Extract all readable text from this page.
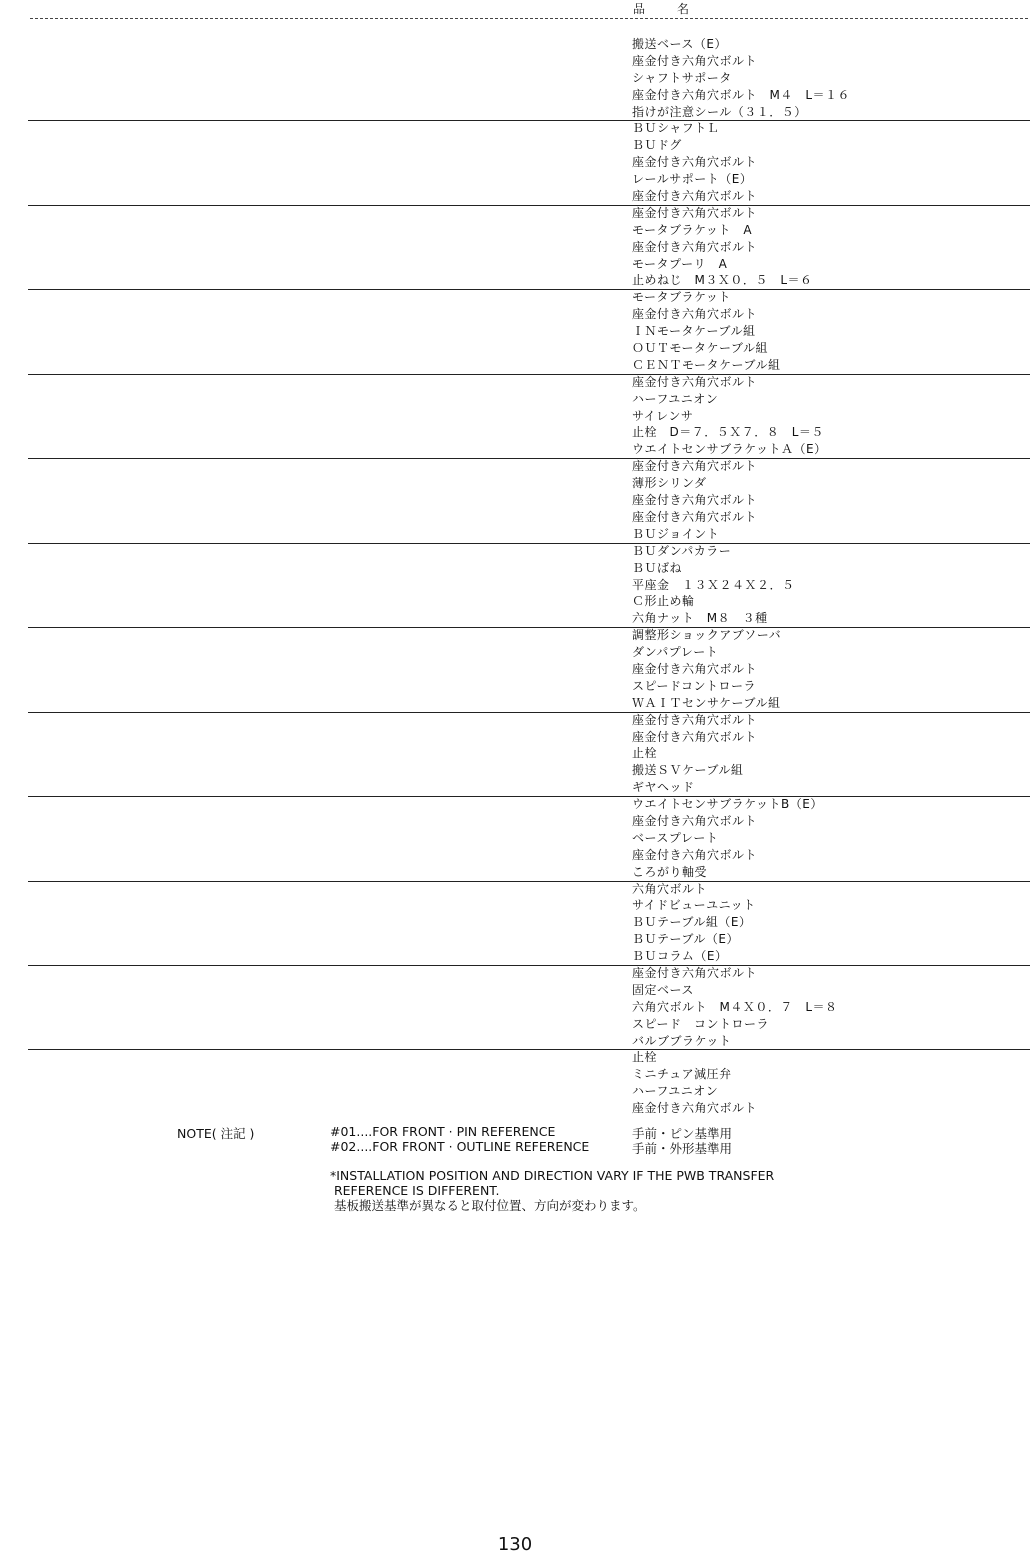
品　名
搬送ベース（E）
座金付き六角穴ボルト
シャフトサポータ
座金付き六角穴ボルト　M４　L＝１６
指けが注意シール（３１．５）
ＢＵシャフトＬ
ＢＵドグ
座金付き六角穴ボルト
レールサポート（E）
座金付き六角穴ボルト
座金付き六角穴ボルト
モータブラケット　A
座金付き六角穴ボルト
モータプーリ　A
止めねじ　M３Ｘ０．５　L＝６
モータブラケット
座金付き六角穴ボルト
ＩＮモータケーブル組
ＯＵＴモータケーブル組
ＣＥＮＴモータケーブル組
座金付き六角穴ボルト
ハーフユニオン
サイレンサ
止栓　D＝７．５Ｘ７．８　L＝５
ウエイトセンサブラケットＡ（E）
座金付き六角穴ボルト
薄形シリンダ
座金付き六角穴ボルト
座金付き六角穴ボルト
ＢＵジョイント
ＢＵダンパカラー
ＢＵばね
平座金　１３Ｘ２４Ｘ２．５
Ｃ形止め輪
六角ナット　M８　３種
調整形ショックアブソーバ
ダンパプレート
座金付き六角穴ボルト
スピードコントローラ
ＷＡＩＴセンサケーブル組
座金付き六角穴ボルト
座金付き六角穴ボルト
止栓
搬送ＳＶケーブル組
ギヤヘッド
ウエイトセンサブラケットB（E）
座金付き六角穴ボルト
ベースプレート
座金付き六角穴ボルト
ころがり軸受
六角穴ボルト
サイドビューユニット
ＢＵテーブル組（E）
ＢＵテーブル（E）
ＢＵコラム（E）
座金付き六角穴ボルト
固定ベース
六角穴ボルト　M４Ｘ０．７　L＝８
スピード　コントローラ
バルブブラケット
止栓
ミニチュア減圧弁
ハーフユニオン
座金付き六角穴ボルト
NOTE( 注記 )	#01....FOR FRONT · PIN REFERENCE	手前・ピン基準用
#02....FOR FRONT · OUTLINE REFERENCE	手前・外形基準用
*INSTALLATION POSITION AND DIRECTION VARY IF THE PWB TRANSFER
REFERENCE IS DIFFERENT.
基板搬送基準が異なると取付位置、方向が変わります。
130
